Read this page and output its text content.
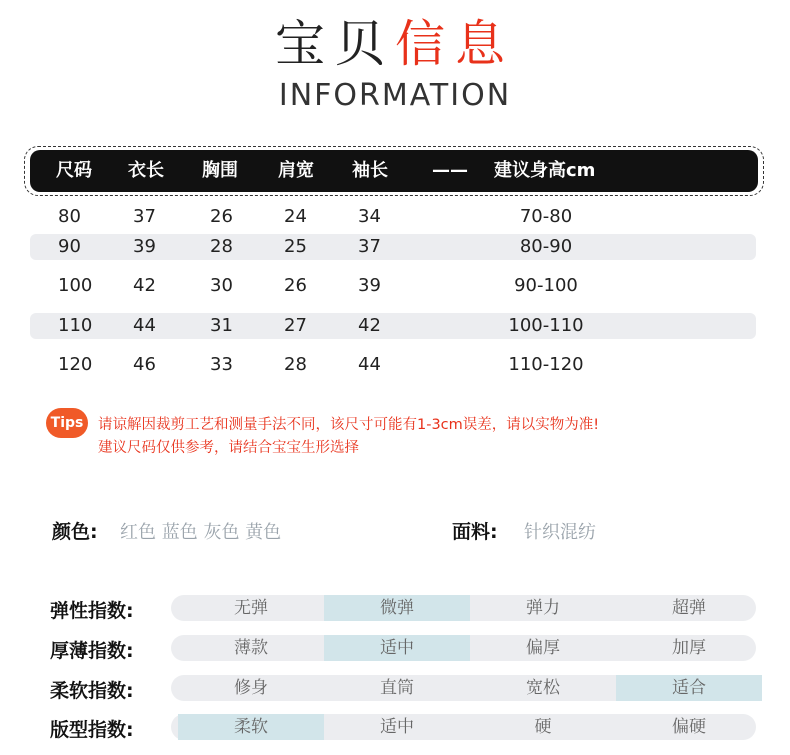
宝贝信息
INFORMATION
尺码 衣长 胸围 肩宽 袖长 —— 建议身高cm
80	37	26	24	34	70-80
90	39	28	25	37	80-90
100 42	30	26	39	90-100
110 44	31	27	42	100-110
120 46	33	28	44	110-120
Tips	请谅解因裁剪工艺和测量手法不同，该尺寸可能有1-3cm误差，请以实物为准!
建议尺码仅供参考，请结合宝宝生形选择
颜色: 红色 蓝色 灰色 黄色	面料: 针织混纺
弹性指数:	无弹	微弹	弹力	超弹
厚薄指数:	薄款	适中	偏厚	加厚
柔软指数:	修身	直筒	宽松	适合
版型指数:	柔软	适中	硬	偏硬
